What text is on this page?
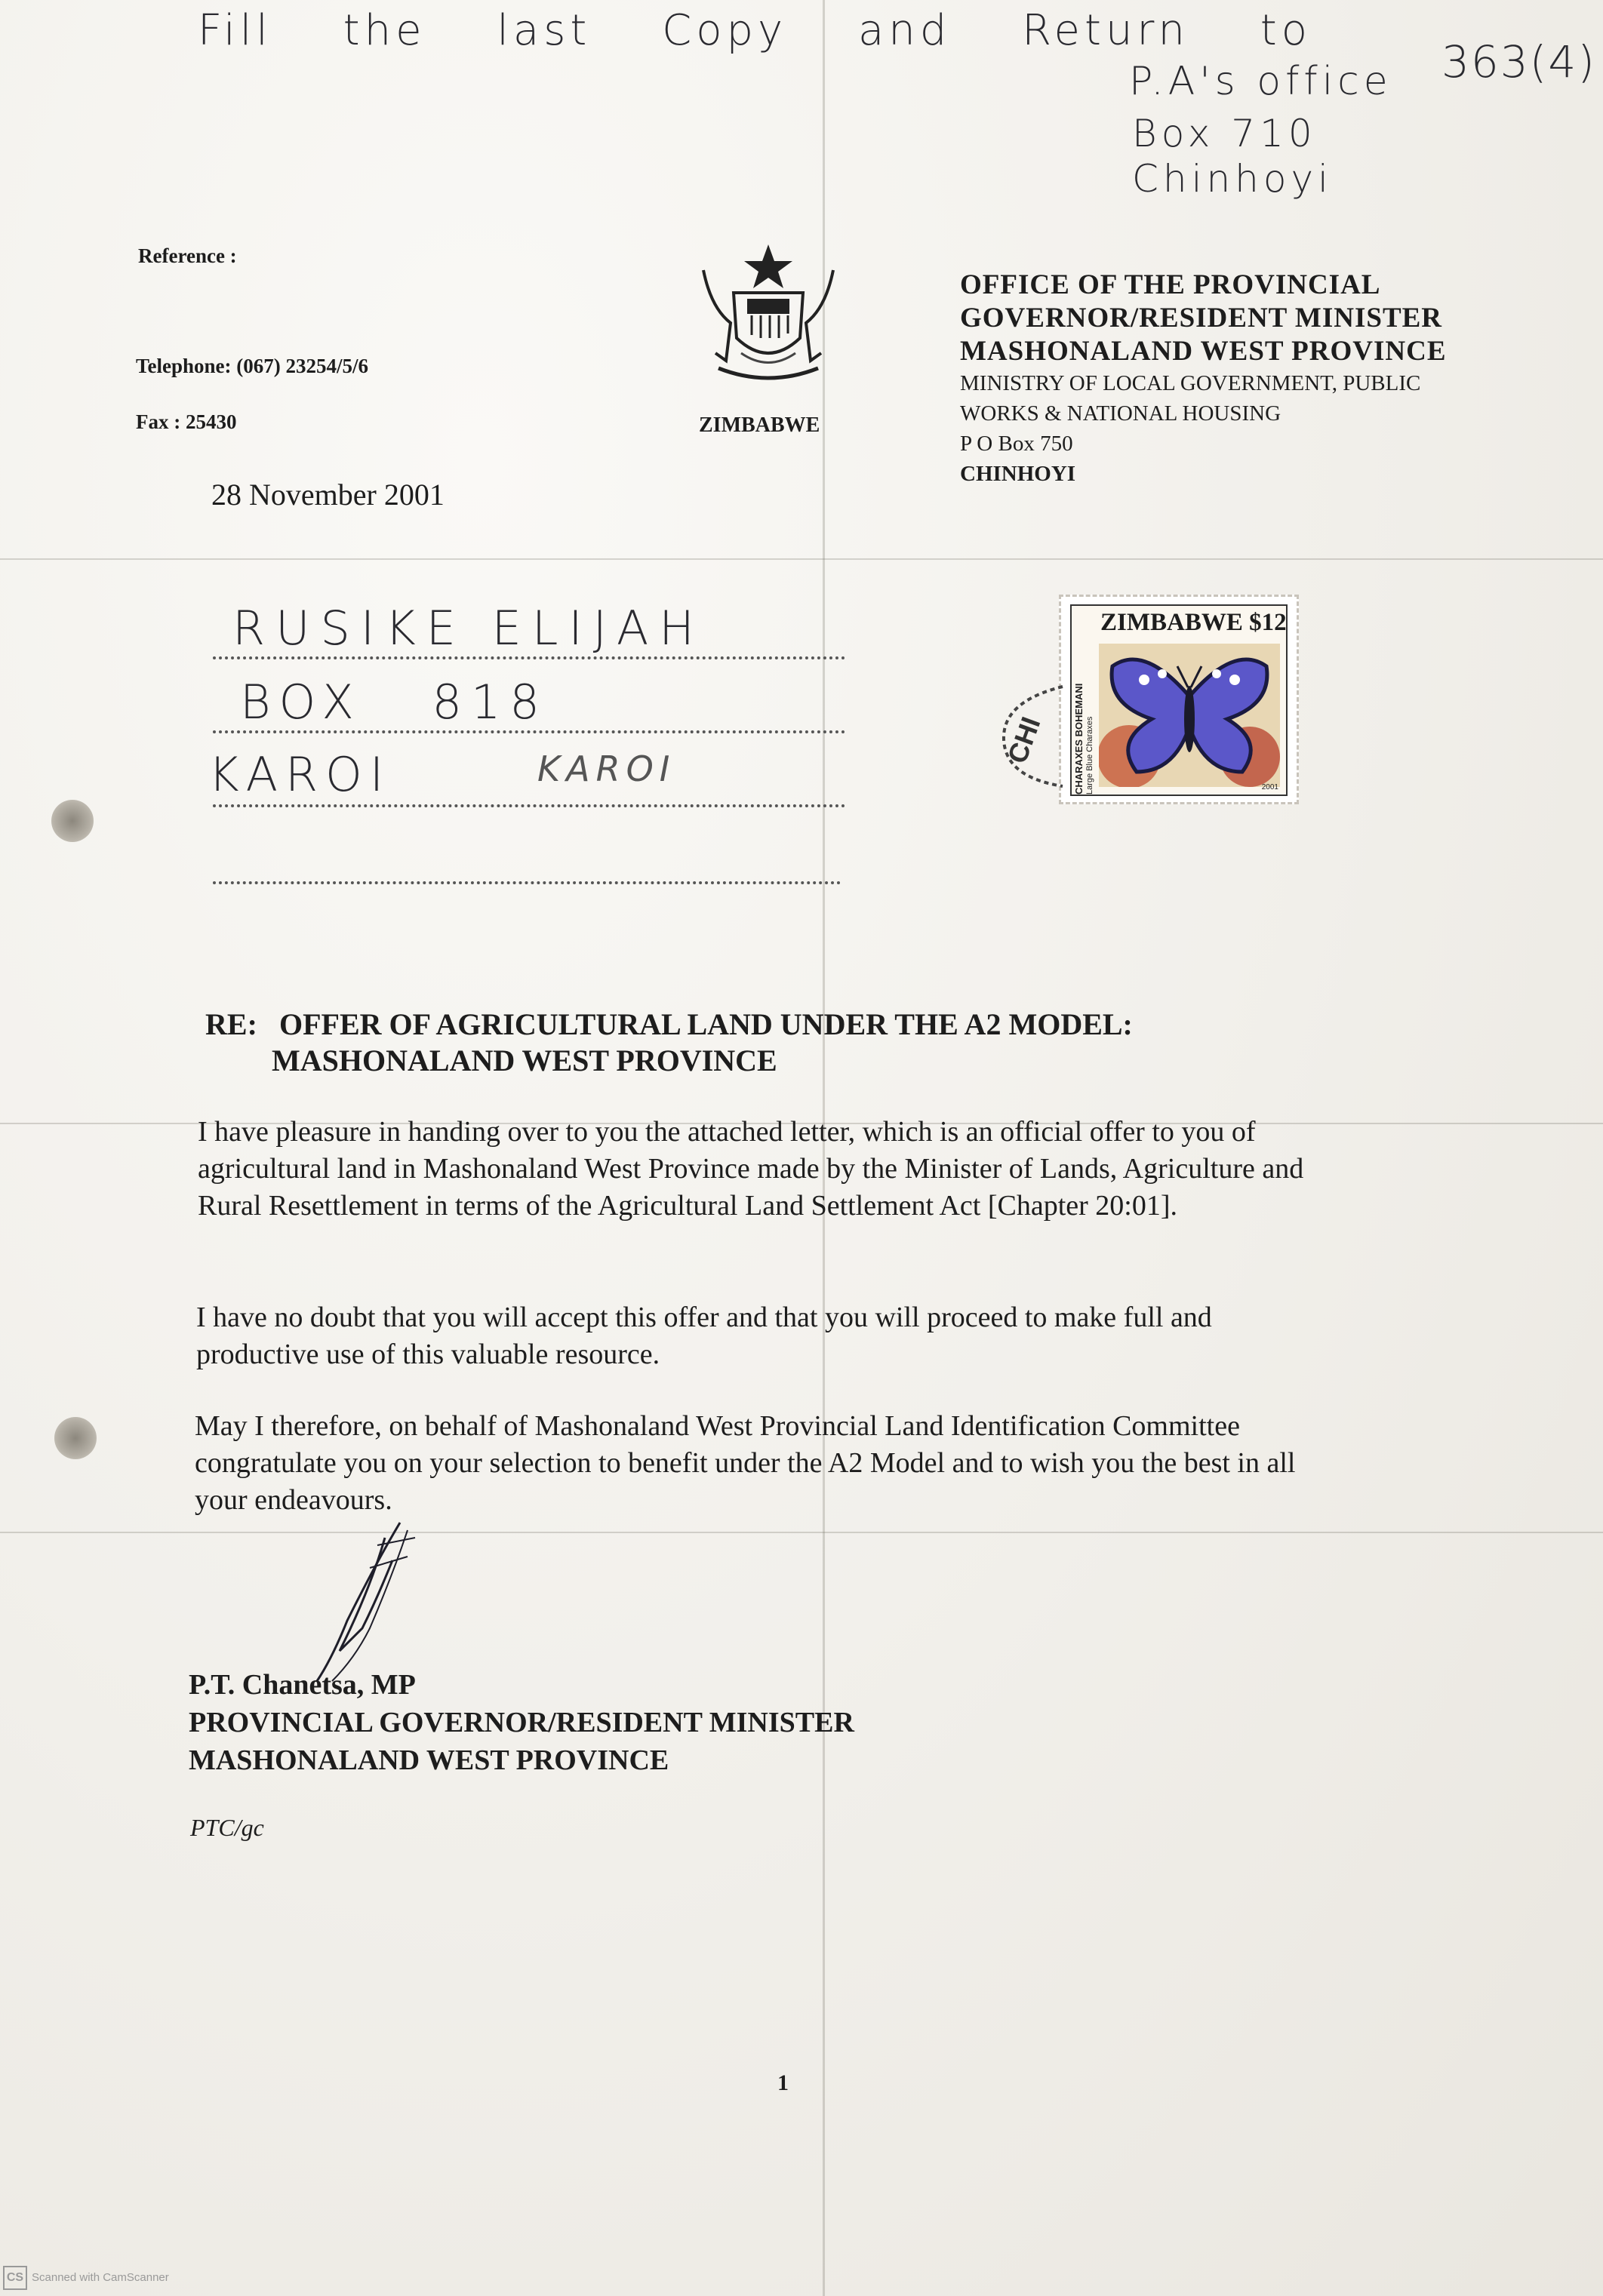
Fill the last Copy and Return to
363(4)
P.A's office
Box 710
Chinhoyi
Reference :
Telephone: (067) 23254/5/6
Fax : 25430	ZIMBABWE
OFFICE OF THE PROVINCIAL
GOVERNOR/RESIDENT MINISTER
MASHONALAND WEST PROVINCE
MINISTRY OF LOCAL GOVERNMENT, PUBLIC
WORKS & NATIONAL HOUSING
P O Box 750
CHINHOYI
28 November 2001
RUSIKE ELIJAH
BOX 818
KAROI	KAROI
ZIMBABWE $12
CHARAXES BOHEMANI Large Blue Charaxes	2001
CHI
RE: OFFER OF AGRICULTURAL LAND UNDER THE A2 MODEL:
MASHONALAND WEST PROVINCE
I have pleasure in handing over to you the attached letter, which is an official offer to you of agricultural land in Mashonaland West Province made by the Minister of Lands, Agriculture and Rural Resettlement in terms of the Agricultural Land Settlement Act [Chapter 20:01].
I have no doubt that you will accept this offer and that you will proceed to make full and productive use of this valuable resource.
May I therefore, on behalf of Mashonaland West Provincial Land Identification Committee congratulate you on your selection to benefit under the A2 Model and to wish you the best in all your endeavours.
P.T. Chanetsa, MP
PROVINCIAL GOVERNOR/RESIDENT MINISTER
MASHONALAND WEST PROVINCE
PTC/gc
1
CS Scanned with CamScanner
